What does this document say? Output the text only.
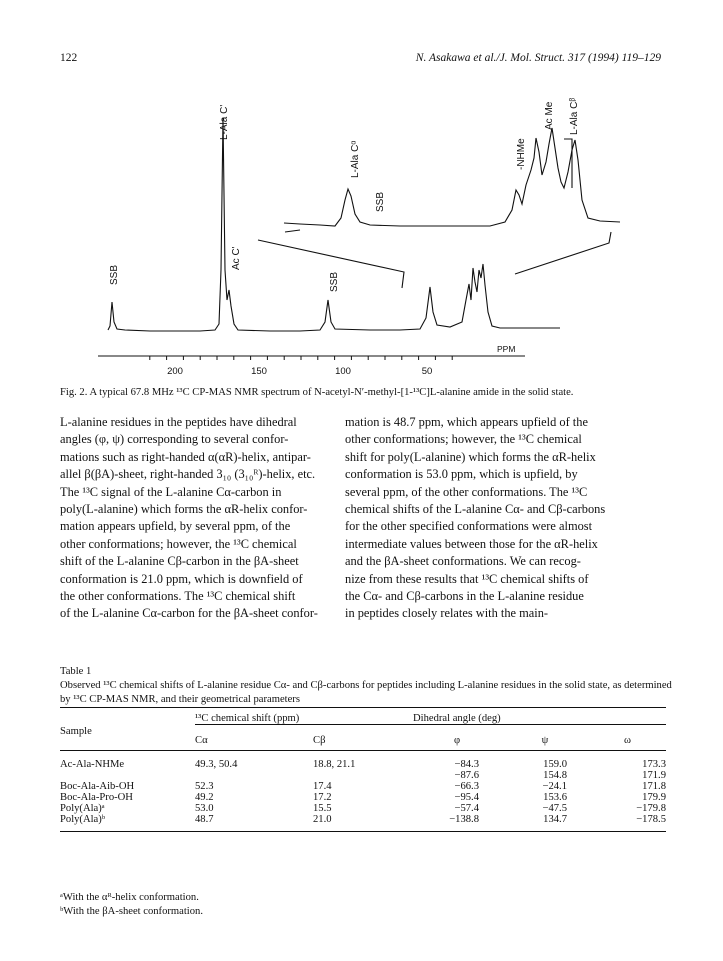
122	N. Asakawa et al./J. Mol. Struct. 317 (1994) 119–129
200	150	100	50
PPM
SSB
L-Ala C'
Ac C'
SSB
L-Ala Cᵅ
SSB
-NHMe
Ac Me L-Ala Cᵝ
Fig. 2. A typical 67.8 MHz ¹³C CP-MAS NMR spectrum of N-acetyl-N′-methyl-[1-¹³C]L-alanine amide in the solid state.
L-alanine residues in the peptides have dihedral
angles (φ, ψ) corresponding to several confor-
mations such as right-handed α(αR)-helix, antipar-
allel β(βA)-sheet, right-handed 3₁₀ (3₁₀ᴿ)-helix, etc.
The ¹³C signal of the L-alanine Cα-carbon in
poly(L-alanine) which forms the αR-helix confor-
mation appears upfield, by several ppm, of the
other conformations; however, the ¹³C chemical
shift of the L-alanine Cβ-carbon in the βA-sheet
conformation is 21.0 ppm, which is downfield of
the other conformations. The ¹³C chemical shift
of the L-alanine Cα-carbon for the βA-sheet confor-
mation is 48.7 ppm, which appears upfield of the
other conformations; however, the ¹³C chemical
shift for poly(L-alanine) which forms the αR-helix
conformation is 53.0 ppm, which is upfield, by
several ppm, of the other conformations. The ¹³C
chemical shifts of the L-alanine Cα- and Cβ-carbons
for the other specified conformations were almost
intermediate values between those for the αR-helix
and the βA-sheet conformations. We can recog-
nize from these results that ¹³C chemical shifts of
the Cα- and Cβ-carbons in the L-alanine residue
in peptides closely relates with the main-
Table 1
Observed ¹³C chemical shifts of L-alanine residue Cα- and Cβ-carbons for peptides including L-alanine residues in the solid state, as determined by ¹³C CP-MAS NMR, and their geometrical parameters
Sample	¹³C chemical shift (ppm)		Dihedral angle (deg)		
	Cα	Cβ	φ	ψ	ω
Ac-Ala-NHMe	49.3, 50.4	18.8, 21.1	−84.3	159.0	173.3
			−87.6	154.8	171.9
Boc-Ala-Aib-OH	52.3	17.4	−66.3	−24.1	171.8
Boc-Ala-Pro-OH	49.2	17.2	−95.4	153.6	179.9
Poly(Ala)ᵃ	53.0	15.5	−57.4	−47.5	−179.8
Poly(Ala)ᵇ	48.7	21.0	−138.8	134.7	−178.5
ᵃWith the αᴿ-helix conformation.
ᵇWith the βA-sheet conformation.
